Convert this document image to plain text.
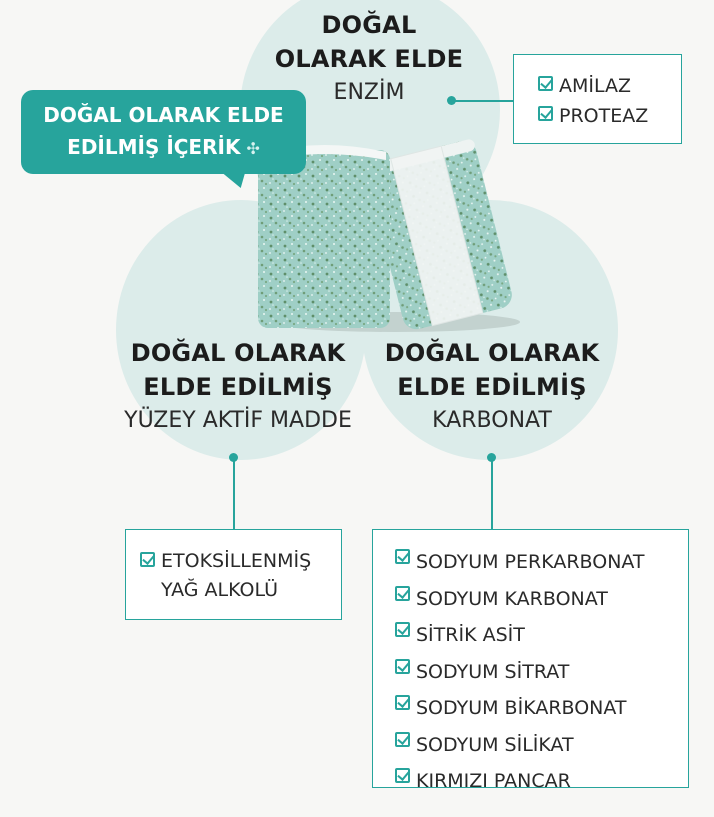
DOĞAL OLARAK ELDE
EDİLMİŞ İÇERİK ✣
DOĞAL
OLARAK ELDE
ENZİM
DOĞAL OLARAK
ELDE EDİLMİŞ
YÜZEY AKTİF MADDE
DOĞAL OLARAK
ELDE EDİLMİŞ
KARBONAT
AMİLAZ
PROTEAZ
ETOKSİLLENMİŞ
YAĞ ALKOLÜ
SODYUM PERKARBONAT
SODYUM KARBONAT
SİTRİK ASİT
SODYUM SİTRAT
SODYUM BİKARBONAT
SODYUM SİLİKAT
KIRMIZI PANCAR
